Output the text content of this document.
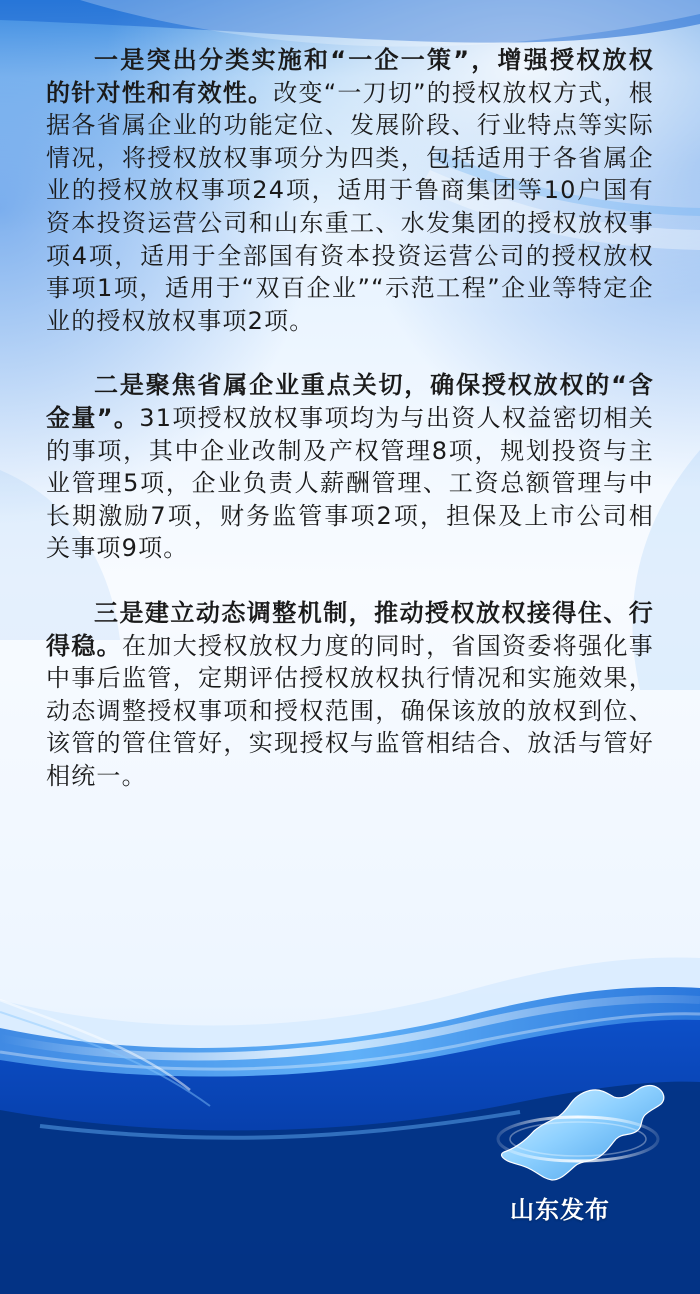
一是突出分类实施和“一企一策”，增强授权放权的针对性和有效性。改变“一刀切”的授权放权方式，根据各省属企业的功能定位、发展阶段、行业特点等实际情况，将授权放权事项分为四类，包括适用于各省属企业的授权放权事项24项，适用于鲁商集团等10户国有资本投资运营公司和山东重工、水发集团的授权放权事项4项，适用于全部国有资本投资运营公司的授权放权事项1项，适用于“双百企业”“示范工程”企业等特定企业的授权放权事项2项。

二是聚焦省属企业重点关切，确保授权放权的“含金量”。31项授权放权事项均为与出资人权益密切相关的事项，其中企业改制及产权管理8项，规划投资与主业管理5项，企业负责人薪酬管理、工资总额管理与中长期激励7项，财务监管事项2项，担保及上市公司相关事项9项。

三是建立动态调整机制，推动授权放权接得住、行得稳。在加大授权放权力度的同时，省国资委将强化事中事后监管，定期评估授权放权执行情况和实施效果，动态调整授权事项和授权范围，确保该放的放权到位、该管的管住管好，实现授权与监管相结合、放活与管好相统一。

山东发布
